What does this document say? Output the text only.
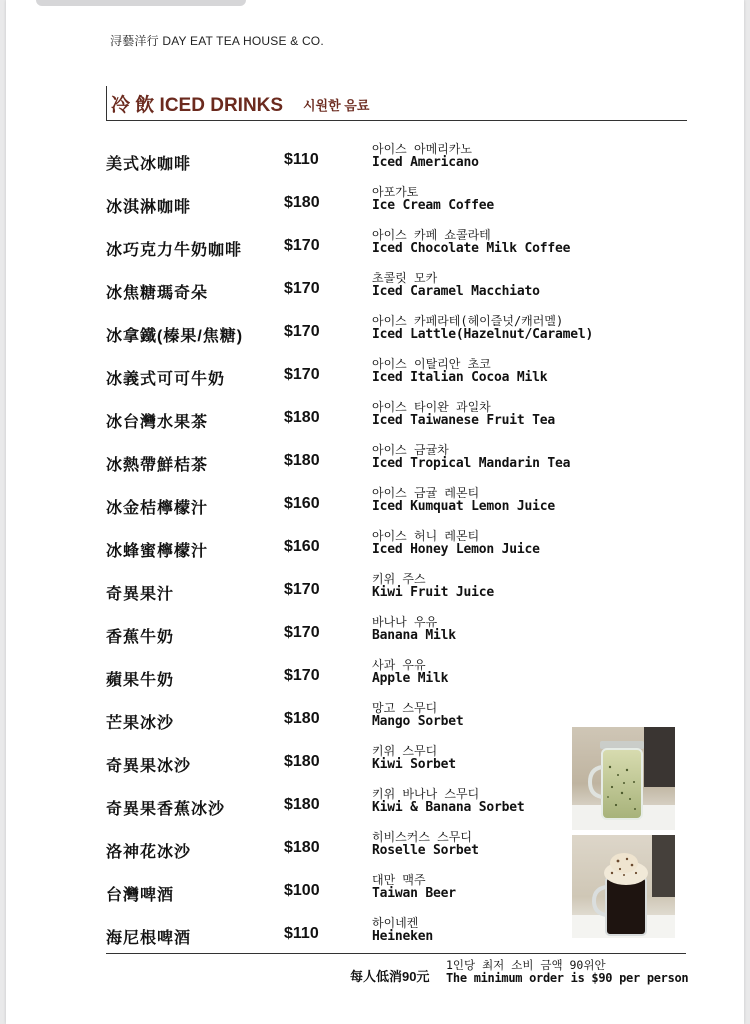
浔藝洋行 DAY EAT TEA HOUSE & CO.
冷 飲 ICED DRINKS 시원한 음료
美式冰咖啡	$110
아이스 아메리카노
Iced Americano
冰淇淋咖啡	$180
아포가토
Ice Cream Coffee
冰巧克力牛奶咖啡	$170
아이스 카페 쇼콜라테
Iced Chocolate Milk Coffee
冰焦糖瑪奇朵	$170
초콜릿 모카
Iced Caramel Macchiato
冰拿鐵(榛果/焦糖)	$170
아이스 카페라테(헤이즐넛/캐러멜)
Iced Lattle(Hazelnut/Caramel)
冰義式可可牛奶	$170
아이스 이탈리안 초코
Iced Italian Cocoa Milk
冰台灣水果茶	$180
아이스 타이완 과일차
Iced Taiwanese Fruit Tea
冰熱帶鮮桔茶	$180
아이스 금귤차
Iced Tropical Mandarin Tea
冰金桔檸檬汁	$160
아이스 금귤 레몬티
Iced Kumquat Lemon Juice
冰蜂蜜檸檬汁	$160
아이스 허니 레몬티
Iced Honey Lemon Juice
奇異果汁	$170
키위 주스
Kiwi Fruit Juice
香蕉牛奶	$170
바나나 우유
Banana Milk
蘋果牛奶	$170
사과 우유
Apple Milk
芒果冰沙	$180
망고 스무디
Mango Sorbet
奇異果冰沙	$180
키위 스무디
Kiwi Sorbet
奇異果香蕉冰沙	$180
키위 바나나 스무디
Kiwi & Banana Sorbet
洛神花冰沙	$180
히비스커스 스무디
Roselle Sorbet
台灣啤酒	$100
대만 맥주
Taiwan Beer
海尼根啤酒	$110
하이네켄
Heineken
每人低消90元
1인당 최저 소비 금액 90위안
The minimum order is $90 per person
